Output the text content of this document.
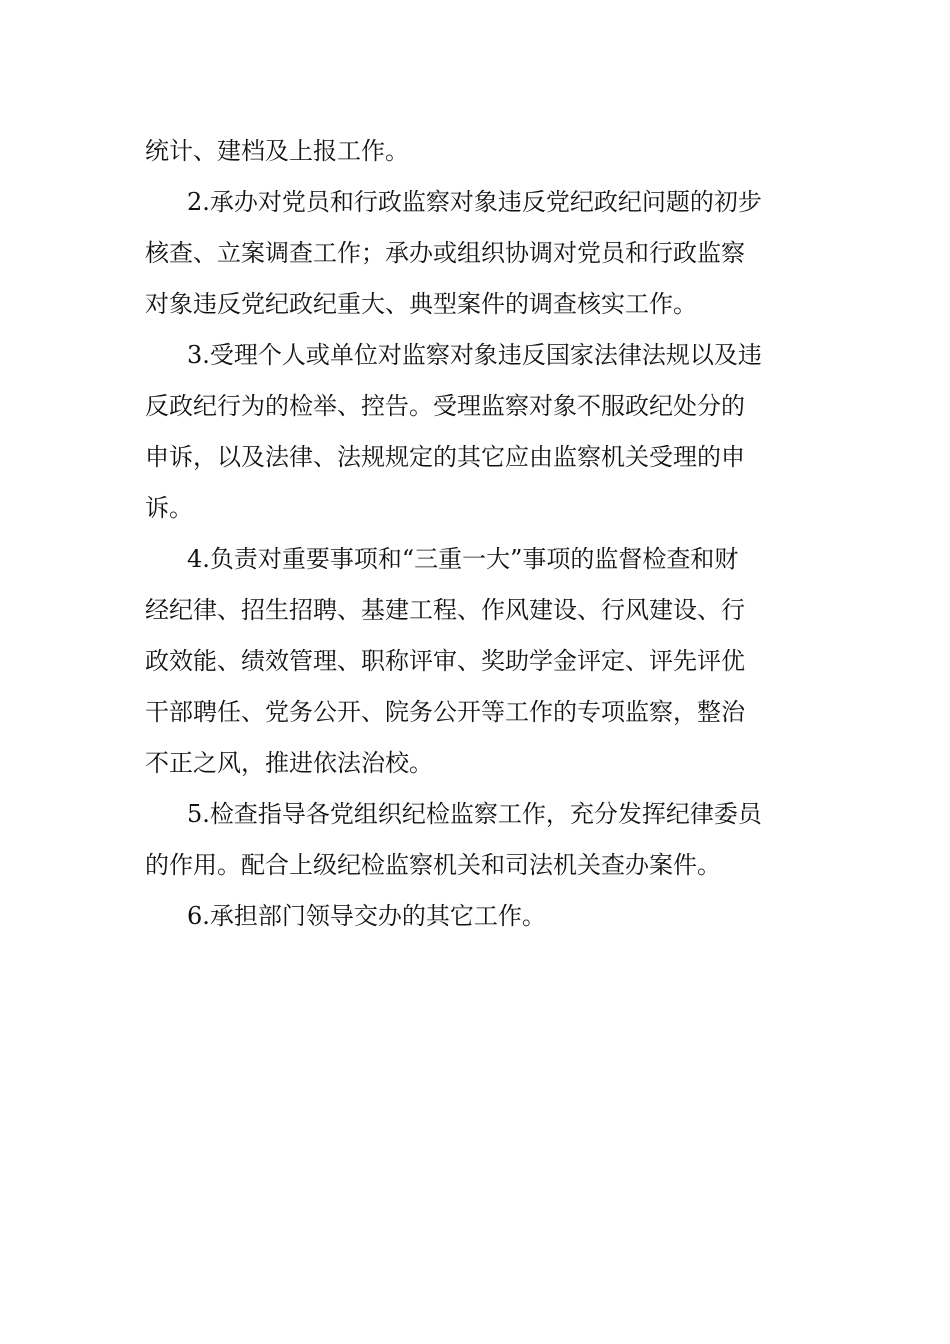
统计、建档及上报工作。
2.承办对党员和行政监察对象违反党纪政纪问题的初步
核查、立案调查工作；承办或组织协调对党员和行政监察
对象违反党纪政纪重大、典型案件的调查核实工作。
3.受理个人或单位对监察对象违反国家法律法规以及违
反政纪行为的检举、控告。受理监察对象不服政纪处分的
申诉，以及法律、法规规定的其它应由监察机关受理的申
诉。
4.负责对重要事项和“三重一大”事项的监督检查和财
经纪律、招生招聘、基建工程、作风建设、行风建设、行
政效能、绩效管理、职称评审、奖助学金评定、评先评优
干部聘任、党务公开、院务公开等工作的专项监察，整治
不正之风，推进依法治校。
5.检查指导各党组织纪检监察工作，充分发挥纪律委员
的作用。配合上级纪检监察机关和司法机关查办案件。
6.承担部门领导交办的其它工作。
